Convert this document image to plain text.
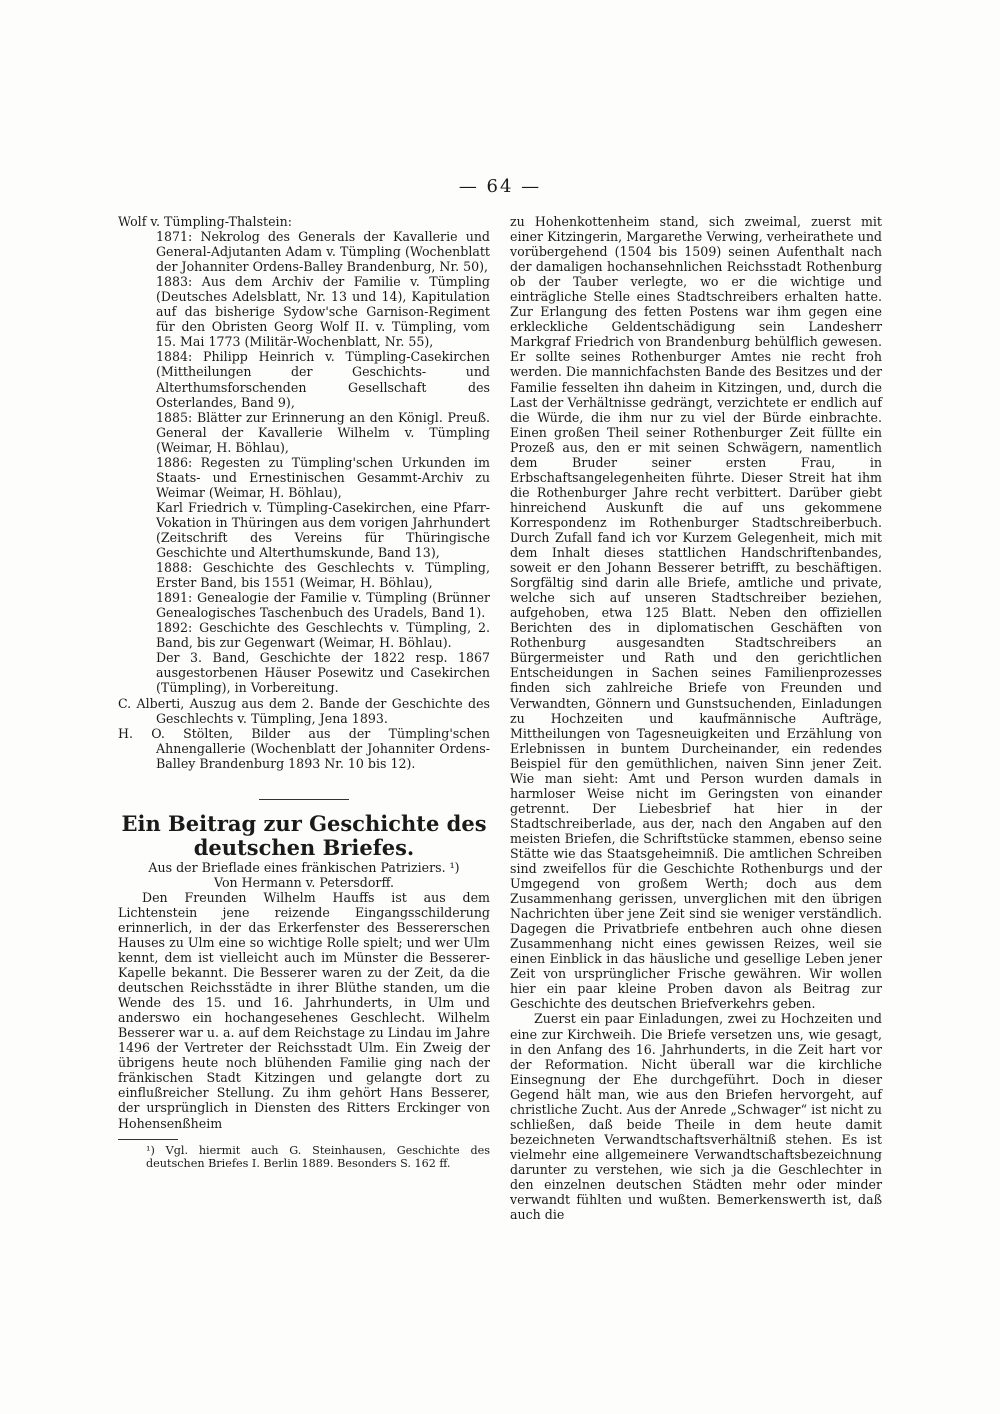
— 64 —

Wolf v. Tümpling-Thalstein:

1871: Nekrolog des Generals der Kavallerie und General-Adjutanten Adam v. Tümpling (Wochenblatt der Johanniter Ordens-Balley Brandenburg, Nr. 50),

1883: Aus dem Archiv der Familie v. Tümpling (Deutsches Adelsblatt, Nr. 13 und 14), Kapitulation auf das bisherige Sydow'sche Garnison-Regiment für den Obristen Georg Wolf II. v. Tümpling, vom 15. Mai 1773 (Militär-Wochenblatt, Nr. 55),

1884: Philipp Heinrich v. Tümpling-Casekirchen (Mittheilungen der Geschichts- und Alterthumsforschenden Gesellschaft des Osterlandes, Band 9),

1885: Blätter zur Erinnerung an den Königl. Preuß. General der Kavallerie Wilhelm v. Tümpling (Weimar, H. Böhlau),

1886: Regesten zu Tümpling'schen Urkunden im Staats- und Ernestinischen Gesammt-Archiv zu Weimar (Weimar, H. Böhlau),

Karl Friedrich v. Tümpling-Casekirchen, eine Pfarr-Vokation in Thüringen aus dem vorigen Jahrhundert (Zeitschrift des Vereins für Thüringische Geschichte und Alterthumskunde, Band 13),

1888: Geschichte des Geschlechts v. Tümpling, Erster Band, bis 1551 (Weimar, H. Böhlau),

1891: Genealogie der Familie v. Tümpling (Brünner Genealogisches Taschenbuch des Uradels, Band 1).

1892: Geschichte des Geschlechts v. Tümpling, 2. Band, bis zur Gegenwart (Weimar, H. Böhlau).

Der 3. Band, Geschichte der 1822 resp. 1867 ausgestorbenen Häuser Posewitz und Casekirchen (Tümpling), in Vorbereitung.

C. Alberti, Auszug aus dem 2. Bande der Geschichte des Geschlechts v. Tümpling, Jena 1893.

H. O. Stölten, Bilder aus der Tümpling'schen Ahnengallerie (Wochenblatt der Johanniter Ordens-Balley Brandenburg 1893 Nr. 10 bis 12).

Ein Beitrag zur Geschichte des deutschen Briefes.

Aus der Brieflade eines fränkischen Patriziers. ¹)

Von Hermann v. Petersdorff.

Den Freunden Wilhelm Hauffs ist aus dem Lichtenstein jene reizende Eingangsschilderung erinnerlich, in der das Erkerfenster des Bessererschen Hauses zu Ulm eine so wichtige Rolle spielt; und wer Ulm kennt, dem ist vielleicht auch im Münster die Besserer-Kapelle bekannt. Die Besserer waren zu der Zeit, da die deutschen Reichsstädte in ihrer Blüthe standen, um die Wende des 15. und 16. Jahrhunderts, in Ulm und anderswo ein hochangesehenes Geschlecht. Wilhelm Besserer war u. a. auf dem Reichstage zu Lindau im Jahre 1496 der Vertreter der Reichsstadt Ulm. Ein Zweig der übrigens heute noch blühenden Familie ging nach der fränkischen Stadt Kitzingen und gelangte dort zu einflußreicher Stellung. Zu ihm gehört Hans Besserer, der ursprünglich in Diensten des Ritters Erckinger von Hohensenßheim

¹) Vgl. hiermit auch G. Steinhausen, Geschichte des deutschen Briefes I. Berlin 1889. Besonders S. 162 ff.

zu Hohenkottenheim stand, sich zweimal, zuerst mit einer Kitzingerin, Margarethe Verwing, verheirathete und vorübergehend (1504 bis 1509) seinen Aufenthalt nach der damaligen hochansehnlichen Reichsstadt Rothenburg ob der Tauber verlegte, wo er die wichtige und einträgliche Stelle eines Stadtschreibers erhalten hatte. Zur Erlangung des fetten Postens war ihm gegen eine erkleckliche Geldentschädigung sein Landesherr Markgraf Friedrich von Brandenburg behülflich gewesen. Er sollte seines Rothenburger Amtes nie recht froh werden. Die mannichfachsten Bande des Besitzes und der Familie fesselten ihn daheim in Kitzingen, und, durch die Last der Verhältnisse gedrängt, verzichtete er endlich auf die Würde, die ihm nur zu viel der Bürde einbrachte. Einen großen Theil seiner Rothenburger Zeit füllte ein Prozeß aus, den er mit seinen Schwägern, namentlich dem Bruder seiner ersten Frau, in Erbschaftsangelegenheiten führte. Dieser Streit hat ihm die Rothenburger Jahre recht verbittert. Darüber giebt hinreichend Auskunft die auf uns gekommene Korrespondenz im Rothenburger Stadtschreiberbuch. Durch Zufall fand ich vor Kurzem Gelegenheit, mich mit dem Inhalt dieses stattlichen Handschriftenbandes, soweit er den Johann Besserer betrifft, zu beschäftigen. Sorgfältig sind darin alle Briefe, amtliche und private, welche sich auf unseren Stadtschreiber beziehen, aufgehoben, etwa 125 Blatt. Neben den offiziellen Berichten des in diplomatischen Geschäften von Rothenburg ausgesandten Stadtschreibers an Bürgermeister und Rath und den gerichtlichen Entscheidungen in Sachen seines Familienprozesses finden sich zahlreiche Briefe von Freunden und Verwandten, Gönnern und Gunstsuchenden, Einladungen zu Hochzeiten und kaufmännische Aufträge, Mittheilungen von Tagesneuigkeiten und Erzählung von Erlebnissen in buntem Durcheinander, ein redendes Beispiel für den gemüthlichen, naiven Sinn jener Zeit. Wie man sieht: Amt und Person wurden damals in harmloser Weise nicht im Geringsten von einander getrennt. Der Liebesbrief hat hier in der Stadtschreiberlade, aus der, nach den Angaben auf den meisten Briefen, die Schriftstücke stammen, ebenso seine Stätte wie das Staatsgeheimniß. Die amtlichen Schreiben sind zweifellos für die Geschichte Rothenburgs und der Umgegend von großem Werth; doch aus dem Zusammenhang gerissen, unverglichen mit den übrigen Nachrichten über jene Zeit sind sie weniger verständlich. Dagegen die Privatbriefe entbehren auch ohne diesen Zusammenhang nicht eines gewissen Reizes, weil sie einen Einblick in das häusliche und gesellige Leben jener Zeit von ursprünglicher Frische gewähren. Wir wollen hier ein paar kleine Proben davon als Beitrag zur Geschichte des deutschen Briefverkehrs geben.

Zuerst ein paar Einladungen, zwei zu Hochzeiten und eine zur Kirchweih. Die Briefe versetzen uns, wie gesagt, in den Anfang des 16. Jahrhunderts, in die Zeit hart vor der Reformation. Nicht überall war die kirchliche Einsegnung der Ehe durchgeführt. Doch in dieser Gegend hält man, wie aus den Briefen hervorgeht, auf christliche Zucht. Aus der Anrede „Schwager“ ist nicht zu schließen, daß beide Theile in dem heute damit bezeichneten Verwandtschaftsverhältniß stehen. Es ist vielmehr eine allgemeinere Verwandtschaftsbezeichnung darunter zu verstehen, wie sich ja die Geschlechter in den einzelnen deutschen Städten mehr oder minder verwandt fühlten und wußten. Bemerkenswerth ist, daß auch die
